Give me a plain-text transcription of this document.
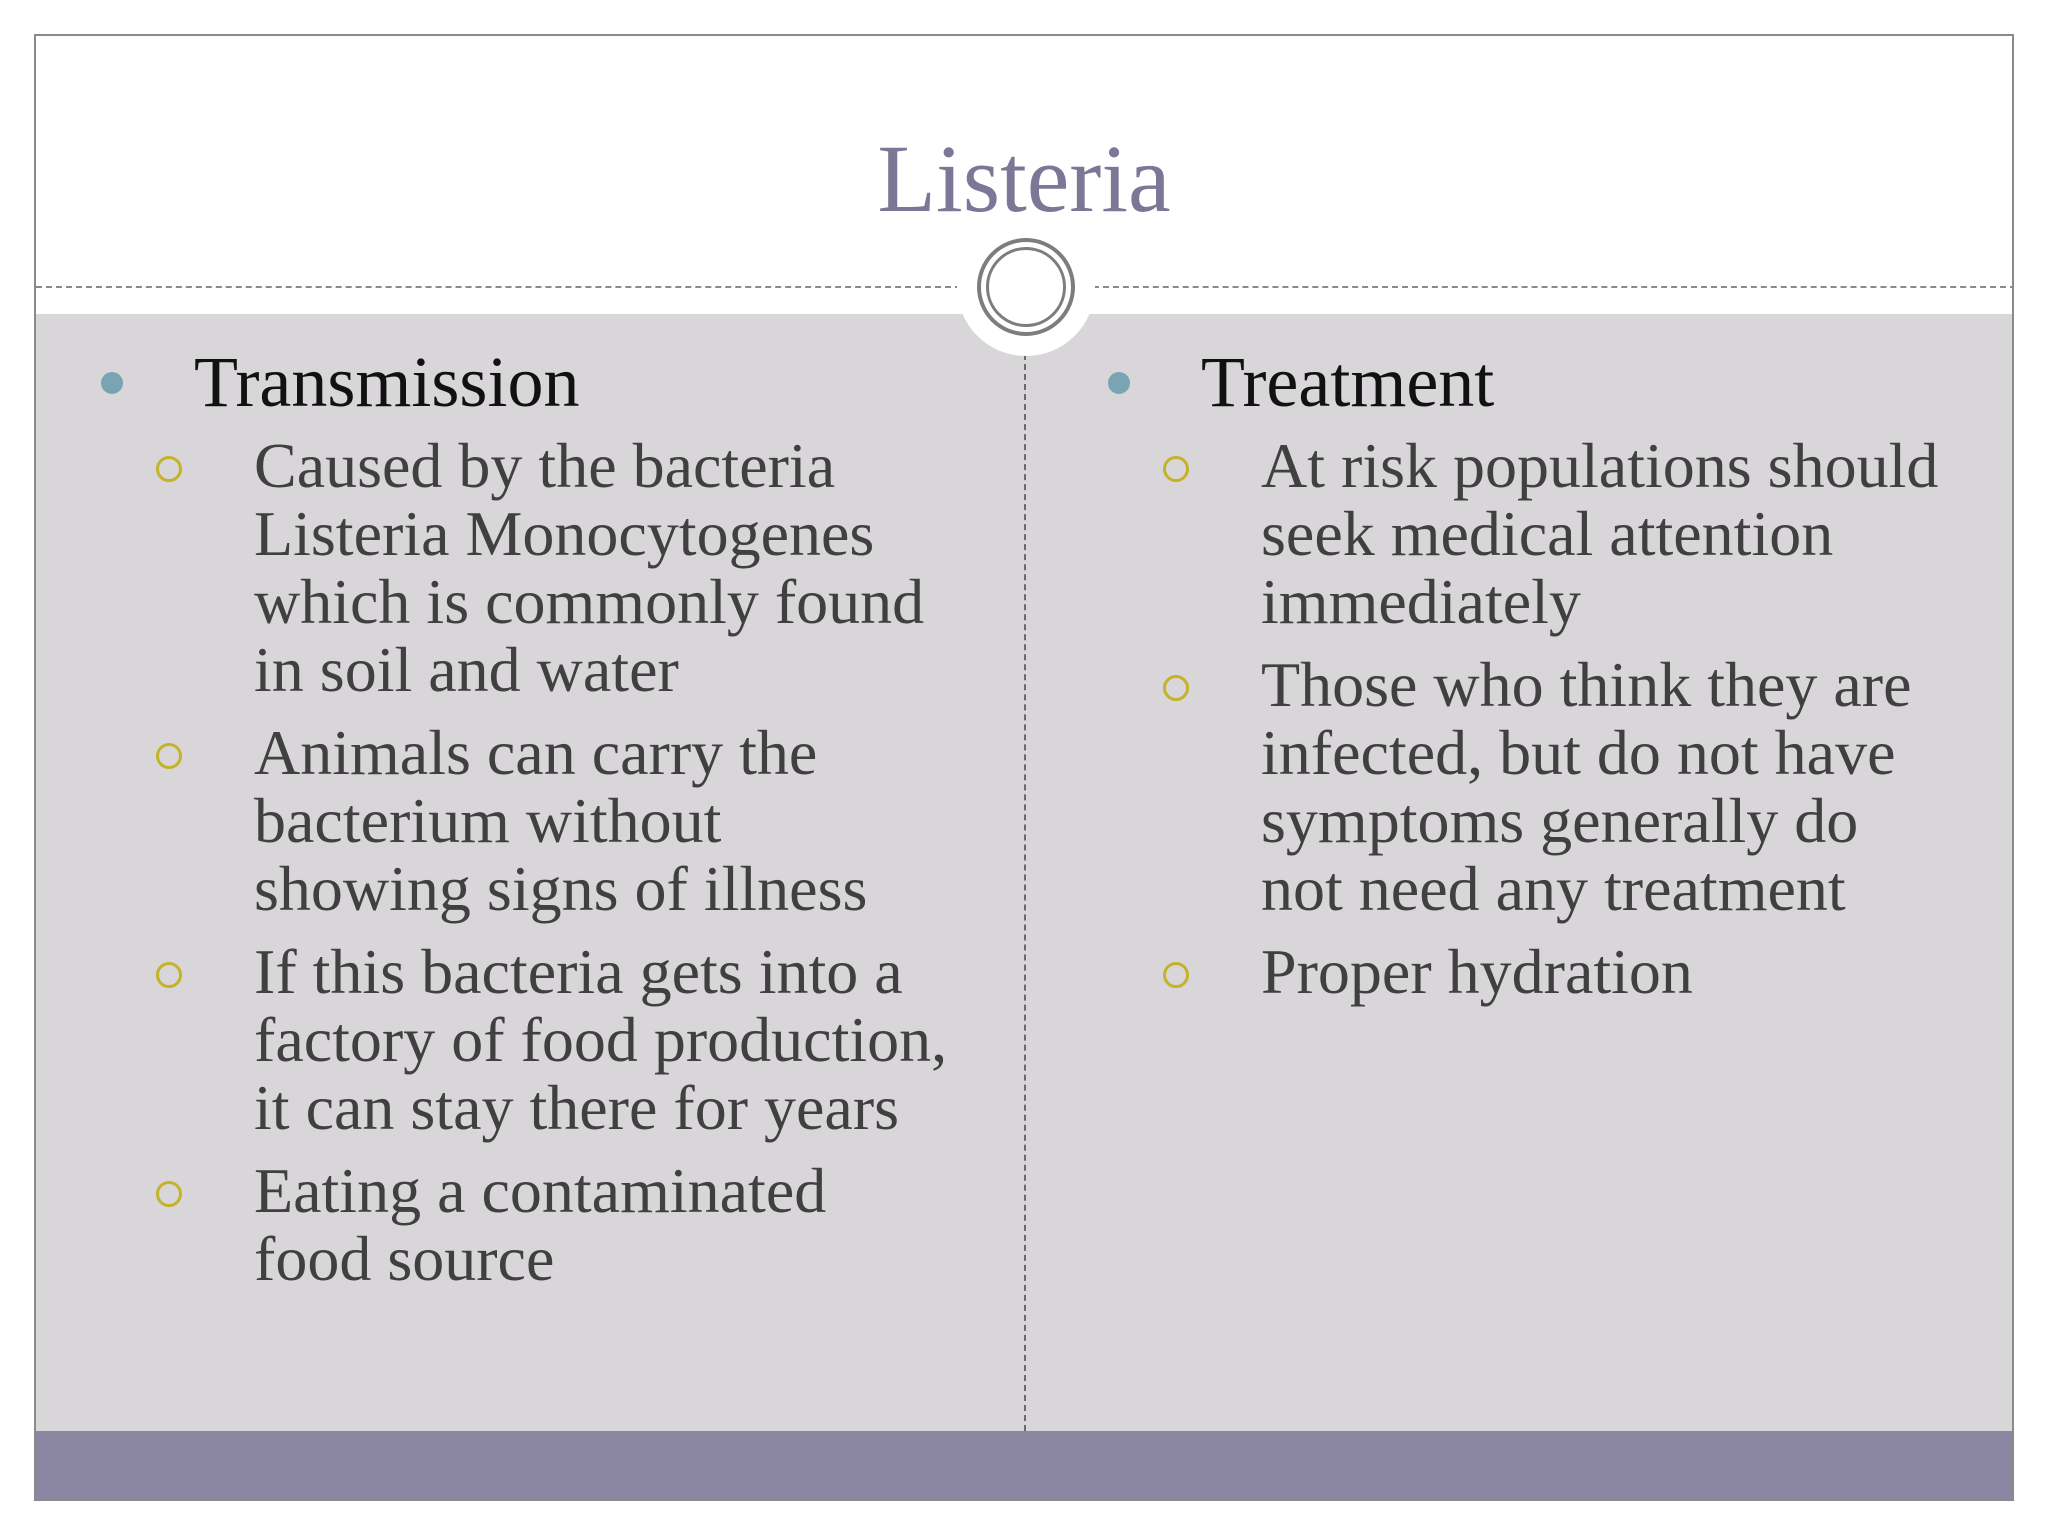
Listeria
Transmission
Caused by the bacteria
Listeria Monocytogenes
which is commonly found
in soil and water
Animals can carry the
bacterium without
showing signs of illness
If this bacteria gets into a
factory of food production,
it can stay there for years
Eating a contaminated
food source
Treatment
At risk populations should
seek medical attention
immediately
Those who think they are
infected, but do not have
symptoms generally do
not need any treatment
Proper hydration
